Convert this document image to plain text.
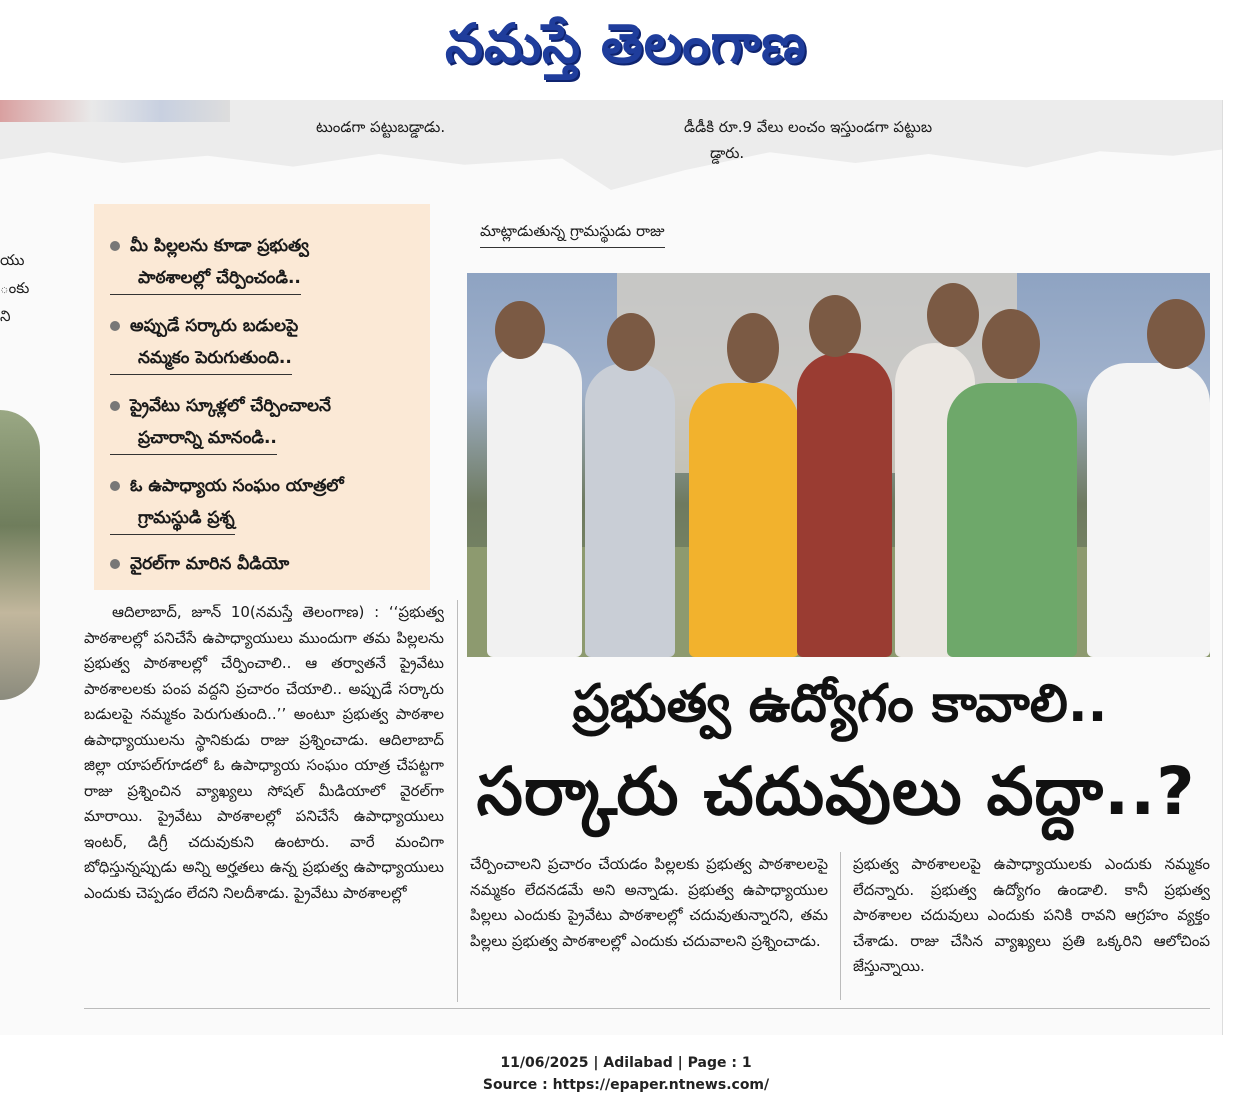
నమస్తే తెలంగాణ
టుండగా పట్టుబడ్డాడు.	డీడీకి రూ.9 వేలు లంచం ఇస్తుండగా పట్టుబ
డ్డారు.
యు
ంకు
ని
మీ పిల్లలను కూడా ప్రభుత్వ
పాఠశాలల్లో చేర్పించండి..
అప్పుడే సర్కారు బడులపై
నమ్మకం పెరుగుతుంది..
ప్రైవేటు స్కూళ్లలో చేర్పించాలనే
ప్రచారాన్ని మానండి..
ఓ ఉపాధ్యాయ సంఘం యాత్రలో
గ్రామస్థుడి ప్రశ్న
వైరల్‌గా మారిన వీడియో
మాట్లాడుతున్న గ్రామస్థుడు రాజు
ప్రభుత్వ ఉద్యోగం కావాలి..
సర్కారు చదువులు వద్దా..?
ఆదిలాబాద్, జూన్ 10(నమస్తే తెలంగాణ) : ‘‘ప్రభుత్వ పాఠశాలల్లో పనిచేసే ఉపాధ్యాయులు ముందుగా తమ పిల్లలను ప్రభుత్వ పాఠశాలల్లో చేర్పించాలి.. ఆ తర్వాతనే ప్రైవేటు పాఠశాలలకు పంప వద్దని ప్రచారం చేయాలి.. అప్పుడే సర్కారు బడులపై నమ్మకం పెరుగుతుంది..’’ అంటూ ప్రభుత్వ పాఠశాల ఉపాధ్యాయులను స్థానికుడు రాజు ప్రశ్నించాడు. ఆదిలాబాద్ జిల్లా యాపల్‌గూడలో ఓ ఉపాధ్యాయ సంఘం యాత్ర చేపట్టగా రాజు ప్రశ్నించిన వ్యాఖ్యలు సోషల్ మీడియాలో వైరల్‌గా మారాయి. ప్రైవేటు పాఠశాలల్లో పనిచేసే ఉపాధ్యాయులు ఇంటర్, డిగ్రీ చదువుకుని ఉంటారు. వారే మంచిగా బోధిస్తున్నప్పుడు అన్ని అర్హతలు ఉన్న ప్రభుత్వ ఉపాధ్యాయులు ఎందుకు చెప్పడం లేదని నిలదీశాడు. ప్రైవేటు పాఠశాలల్లో
చేర్పించాలని ప్రచారం చేయడం పిల్లలకు ప్రభుత్వ పాఠశాలలపై నమ్మకం లేదనడమే అని అన్నాడు. ప్రభుత్వ ఉపాధ్యాయుల పిల్లలు ఎందుకు ప్రైవేటు పాఠశాలల్లో చదువుతున్నారని, తమ పిల్లలు ప్రభుత్వ పాఠశాలల్లో ఎందుకు చదువాలని ప్రశ్నించాడు.
ప్రభుత్వ పాఠశాలలపై ఉపాధ్యాయులకు ఎందుకు నమ్మకం లేదన్నారు. ప్రభుత్వ ఉద్యోగం ఉండాలి. కానీ ప్రభుత్వ పాఠశాలల చదువులు ఎందుకు పనికి రావని ఆగ్రహం వ్యక్తం చేశాడు. రాజు చేసిన వ్యాఖ్యలు ప్రతి ఒక్కరిని ఆలోచింప జేస్తున్నాయి.
11/06/2025 | Adilabad | Page : 1
Source : https://epaper.ntnews.com/
